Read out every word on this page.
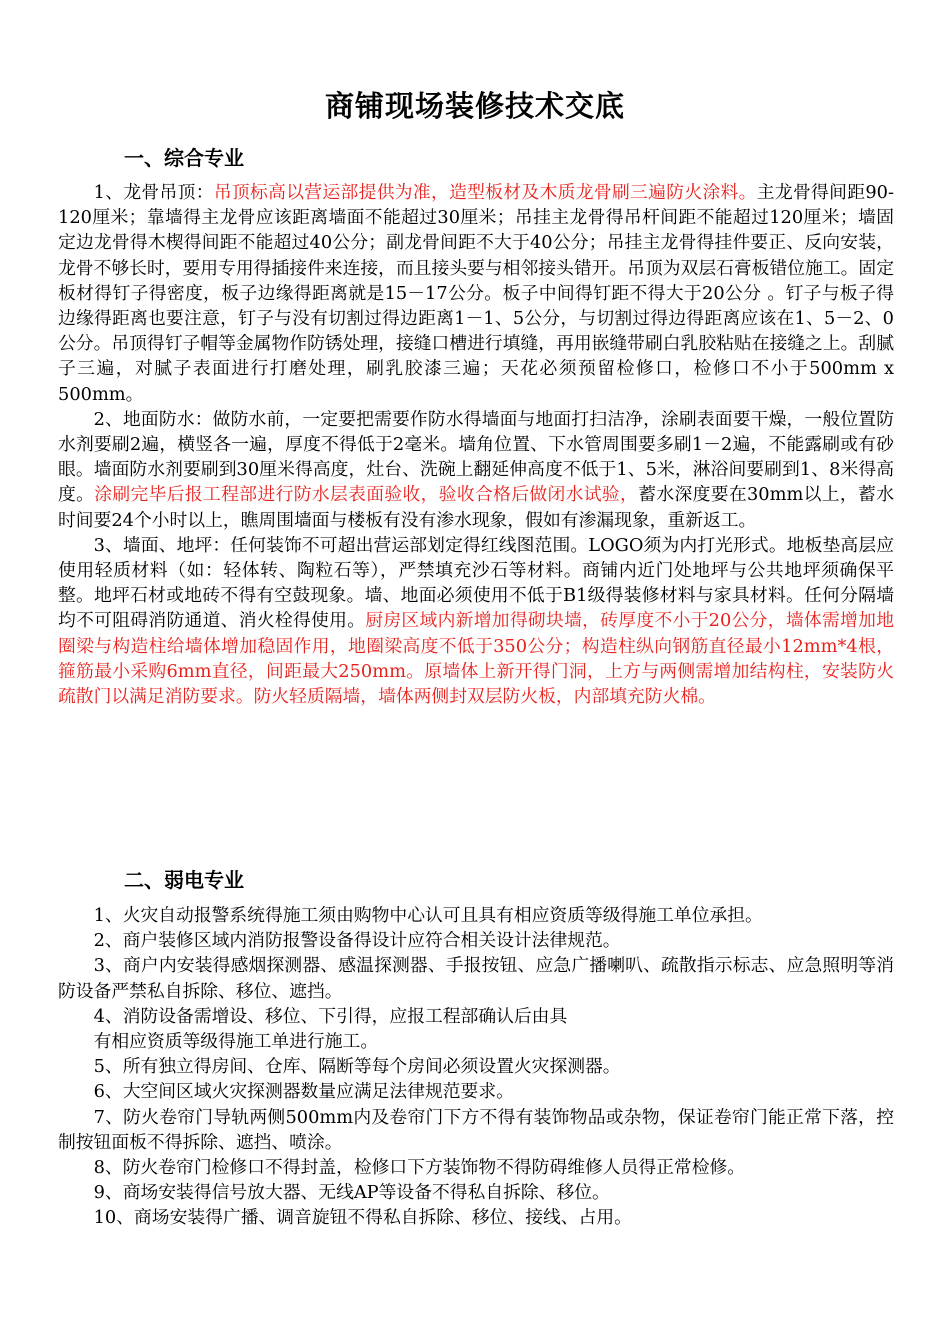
商铺现场装修技术交底
一、综合专业

1、龙骨吊顶：吊顶标高以营运部提供为准，造型板材及木质龙骨刷三遍防火涂料。主龙骨得间距90-120厘米；靠墙得主龙骨应该距离墙面不能超过30厘米；吊挂主龙骨得吊杆间距不能超过120厘米；墙固定边龙骨得木楔得间距不能超过40公分；副龙骨间距不大于40公分；吊挂主龙骨得挂件要正、反向安装，龙骨不够长时，要用专用得插接件来连接，而且接头要与相邻接头错开。吊顶为双层石膏板错位施工。固定板材得钉子得密度，板子边缘得距离就是15－17公分。板子中间得钉距不得大于20公分 。钉子与板子得边缘得距离也要注意，钉子与没有切割过得边距离1－1、5公分，与切割过得边得距离应该在1、5－2、0公分。吊顶得钉子帽等金属物作防锈处理，接缝口槽进行填缝，再用嵌缝带刷白乳胶粘贴在接缝之上。刮腻子三遍，对腻子表面进行打磨处理，刷乳胶漆三遍；天花必须预留检修口，检修口不小于500mm x 500mm。

2、地面防水：做防水前，一定要把需要作防水得墙面与地面打扫洁净，涂刷表面要干燥，一般位置防水剂要刷2遍，横竖各一遍，厚度不得低于2毫米。墙角位置、下水管周围要多刷1－2遍，不能露刷或有砂眼。墙面防水剂要刷到30厘米得高度，灶台、洗碗上翻延伸高度不低于1、5米，淋浴间要刷到1、8米得高度。涂刷完毕后报工程部进行防水层表面验收，验收合格后做闭水试验，蓄水深度要在30mm以上，蓄水时间要24个小时以上，瞧周围墙面与楼板有没有渗水现象，假如有渗漏现象，重新返工。

3、墙面、地坪：任何装饰不可超出营运部划定得红线图范围。LOGO须为内打光形式。地板垫高层应使用轻质材料（如：轻体转、陶粒石等），严禁填充沙石等材料。商铺内近门处地坪与公共地坪须确保平整。地坪石材或地砖不得有空鼓现象。墙、地面必须使用不低于B1级得装修材料与家具材料。任何分隔墙均不可阻碍消防通道、消火栓得使用。厨房区域内新增加得砌块墙，砖厚度不小于20公分，墙体需增加地圈梁与构造柱给墙体增加稳固作用，地圈梁高度不低于350公分；构造柱纵向钢筋直径最小12mm*4根，箍筋最小采购6mm直径，间距最大250mm。原墙体上新开得门洞，上方与两侧需增加结构柱，安装防火疏散门以满足消防要求。防火轻质隔墙，墙体两侧封双层防火板，内部填充防火棉。

二、弱电专业

1、火灾自动报警系统得施工须由购物中心认可且具有相应资质等级得施工单位承担。

2、商户装修区域内消防报警设备得设计应符合相关设计法律规范。

3、商户内安装得感烟探测器、感温探测器、手报按钮、应急广播喇叭、疏散指示标志、应急照明等消防设备严禁私自拆除、移位、遮挡。

4、消防设备需增设、移位、下引得，应报工程部确认后由具

有相应资质等级得施工单进行施工。

5、所有独立得房间、仓库、隔断等每个房间必须设置火灾探测器。

6、大空间区域火灾探测器数量应满足法律规范要求。

7、防火卷帘门导轨两侧500mm内及卷帘门下方不得有装饰物品或杂物，保证卷帘门能正常下落，控制按钮面板不得拆除、遮挡、喷涂。

8、防火卷帘门检修口不得封盖，检修口下方装饰物不得防碍维修人员得正常检修。

9、商场安装得信号放大器、无线AP等设备不得私自拆除、移位。

10、商场安装得广播、调音旋钮不得私自拆除、移位、接线、占用。
